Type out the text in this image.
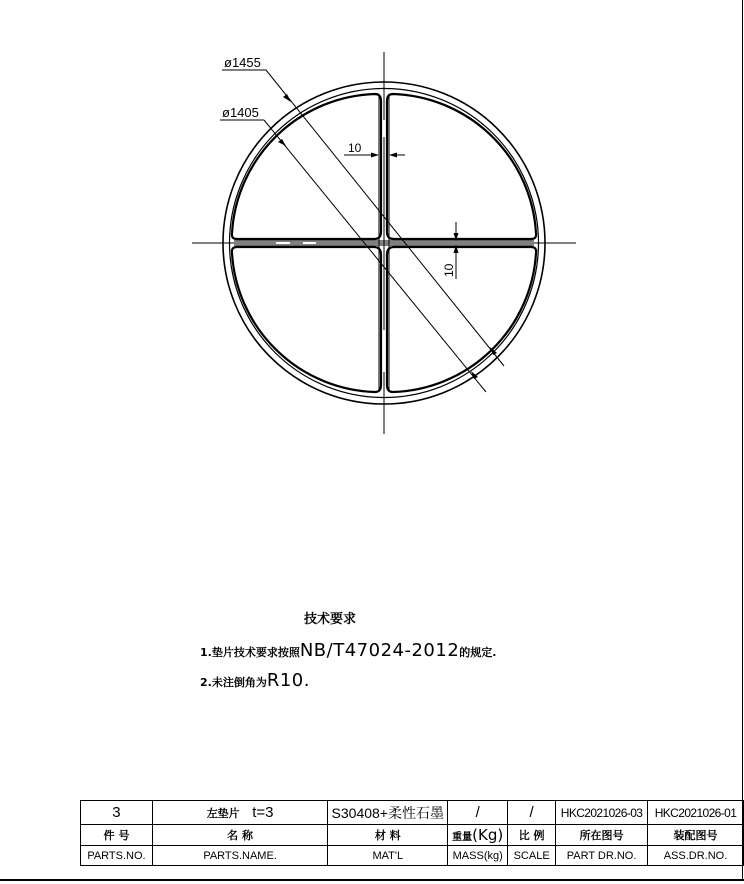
ø1455
ø1405
10
10
技术要求
1.垫片技术要求按照NB/T47024-2012的规定.
2.未注倒角为R10.
3	左垫片 t=3	S30408+柔性石墨	/	/	HKC2021026-03	HKC2021026-01
件 号	名 称	材 料	重量(Kg)	比 例	所在图号	装配图号
PARTS.NO.	PARTS.NAME.	MAT'L	MASS(kg)	SCALE	PART DR.NO.	ASS.DR.NO.
